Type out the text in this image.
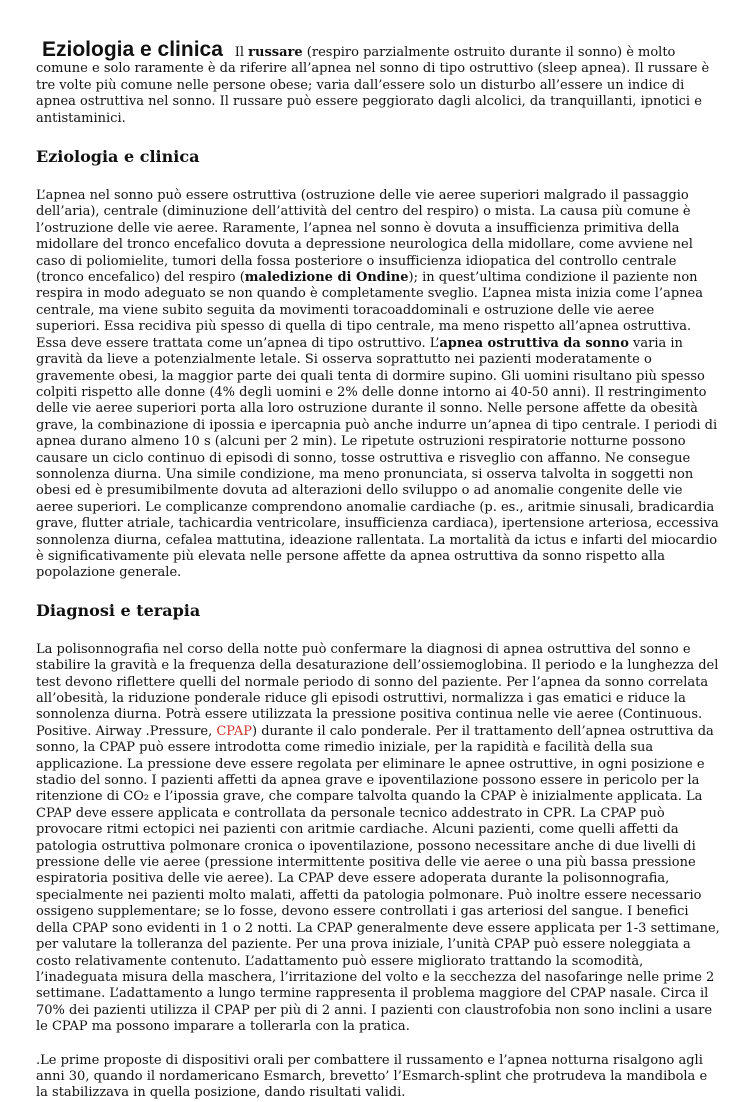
Eziologia e clinica Il russare (respiro parzialmente ostruito durante il sonno) è molto comune e solo raramente è da riferire all’apnea nel sonno di tipo ostruttivo (sleep apnea). Il russare è tre volte più comune nelle persone obese; varia dall’essere solo un disturbo all’essere un indice di apnea ostruttiva nel sonno. Il russare può essere peggiorato dagli alcolici, da tranquillanti, ipnotici e antistaminici.

Eziologia e clinica

L’apnea nel sonno può essere ostruttiva (ostruzione delle vie aeree superiori malgrado il passaggio dell’aria), centrale (diminuzione dell’attività del centro del respiro) o mista. La causa più comune è l’ostruzione delle vie aeree. Raramente, l’apnea nel sonno è dovuta a insufficienza primitiva della midollare del tronco encefalico dovuta a depressione neurologica della midollare, come avviene nel caso di poliomielite, tumori della fossa posteriore o insufficienza idiopatica del controllo centrale (tronco encefalico) del respiro (maledizione di Ondine); in quest’ultima condizione il paziente non respira in modo adeguato se non quando è completamente sveglio. L’apnea mista inizia come l’apnea centrale, ma viene subito seguita da movimenti toracoaddominali e ostruzione delle vie aeree superiori. Essa recidiva più spesso di quella di tipo centrale, ma meno rispetto all’apnea ostruttiva. Essa deve essere trattata come un’apnea di tipo ostruttivo. L’apnea ostruttiva da sonno varia in gravità da lieve a potenzialmente letale. Si osserva soprattutto nei pazienti moderatamente o gravemente obesi, la maggior parte dei quali tenta di dormire supino. Gli uomini risultano più spesso colpiti rispetto alle donne (4% degli uomini e 2% delle donne intorno ai 40-50 anni). Il restringimento delle vie aeree superiori porta alla loro ostruzione durante il sonno. Nelle persone affette da obesità grave, la combinazione di ipossia e ipercapnia può anche indurre un’apnea di tipo centrale. I periodi di apnea durano almeno 10 s (alcuni per 2 min). Le ripetute ostruzioni respiratorie notturne possono causare un ciclo continuo di episodi di sonno, tosse ostruttiva e risveglio con affanno. Ne consegue sonnolenza diurna. Una simile condizione, ma meno pronunciata, si osserva talvolta in soggetti non obesi ed è presumibilmente dovuta ad alterazioni dello sviluppo o ad anomalie congenite delle vie aeree superiori. Le complicanze comprendono anomalie cardiache (p. es., aritmie sinusali, bradicardia grave, flutter atriale, tachicardia ventricolare, insufficienza cardiaca), ipertensione arteriosa, eccessiva sonnolenza diurna, cefalea mattutina, ideazione rallentata. La mortalità da ictus e infarti del miocardio è significativamente più elevata nelle persone affette da apnea ostruttiva da sonno rispetto alla popolazione generale.

Diagnosi e terapia

La polisonnografia nel corso della notte può confermare la diagnosi di apnea ostruttiva del sonno e stabilire la gravità e la frequenza della desaturazione dell’ossiemoglobina. Il periodo e la lunghezza del test devono riflettere quelli del normale periodo di sonno del paziente. Per l’apnea da sonno correlata all’obesità, la riduzione ponderale riduce gli episodi ostruttivi, normalizza i gas ematici e riduce la sonnolenza diurna. Potrà essere utilizzata la pressione positiva continua nelle vie aeree (Continuous. Positive. Airway .Pressure, CPAP) durante il calo ponderale. Per il trattamento dell’apnea ostruttiva da sonno, la CPAP può essere introdotta come rimedio iniziale, per la rapidità e facilità della sua applicazione. La pressione deve essere regolata per eliminare le apnee ostruttive, in ogni posizione e stadio del sonno. I pazienti affetti da apnea grave e ipoventilazione possono essere in pericolo per la ritenzione di CO₂ e l’ipossia grave, che compare talvolta quando la CPAP è inizialmente applicata. La CPAP deve essere applicata e controllata da personale tecnico addestrato in CPR. La CPAP può provocare ritmi ectopici nei pazienti con aritmie cardiache. Alcuni pazienti, come quelli affetti da patologia ostruttiva polmonare cronica o ipoventilazione, possono necessitare anche di due livelli di pressione delle vie aeree (pressione intermittente positiva delle vie aeree o una più bassa pressione espiratoria positiva delle vie aeree). La CPAP deve essere adoperata durante la polisonnografia, specialmente nei pazienti molto malati, affetti da patologia polmonare. Può inoltre essere necessario ossigeno supplementare; se lo fosse, devono essere controllati i gas arteriosi del sangue. I benefici della CPAP sono evidenti in 1 o 2 notti. La CPAP generalmente deve essere applicata per 1-3 settimane, per valutare la tolleranza del paziente. Per una prova iniziale, l’unità CPAP può essere noleggiata a costo relativamente contenuto. L’adattamento può essere migliorato trattando la scomodità, l’inadeguata misura della maschera, l’irritazione del volto e la secchezza del nasofaringe nelle prime 2 settimane. L’adattamento a lungo termine rappresenta il problema maggiore del CPAP nasale. Circa il 70% dei pazienti utilizza il CPAP per più di 2 anni. I pazienti con claustrofobia non sono inclini a usare le CPAP ma possono imparare a tollerarla con la pratica.

.Le prime proposte di dispositivi orali per combattere il russamento e l’apnea notturna risalgono agli anni 30, quando il nordamericano Esmarch, brevetto’ l’Esmarch-splint che protrudeva la mandibola e la stabilizzava in quella posizione, dando risultati validi.
